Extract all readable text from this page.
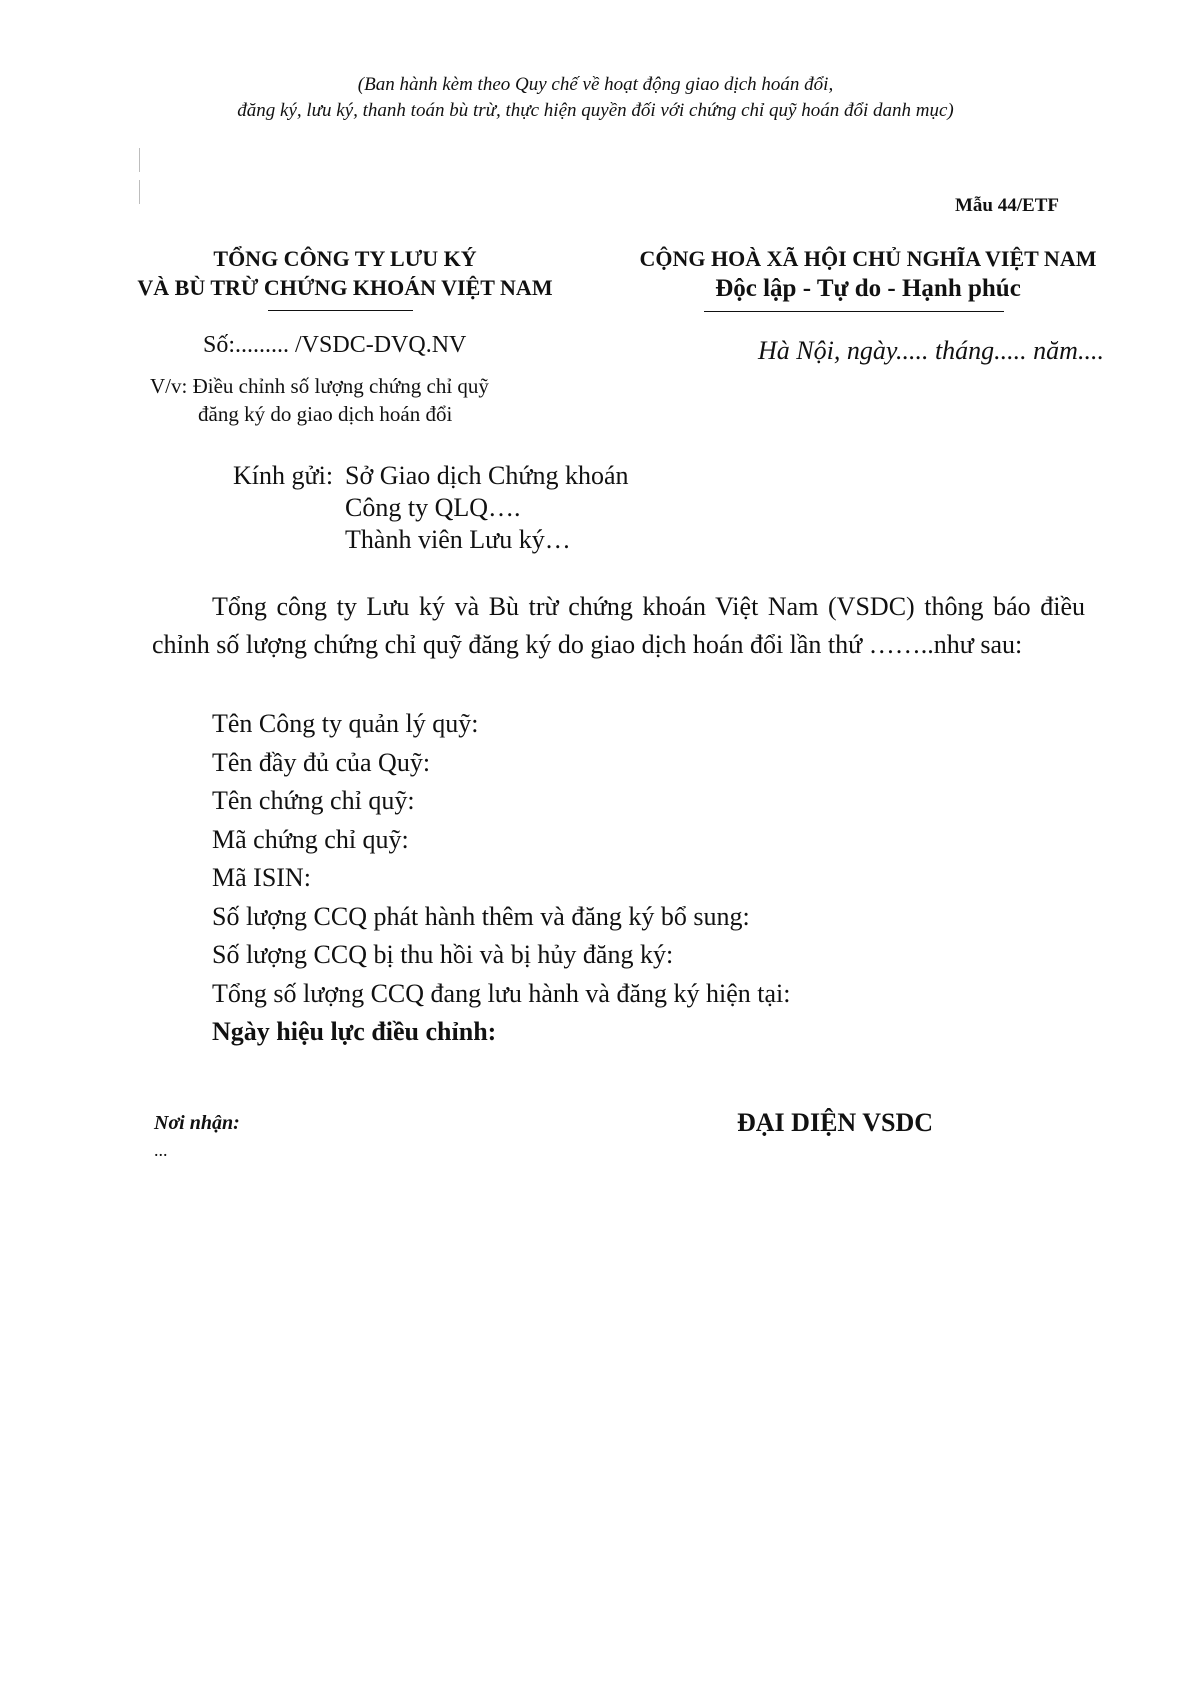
(Ban hành kèm theo Quy chế về hoạt động giao dịch hoán đổi,
đăng ký, lưu ký, thanh toán bù trừ, thực hiện quyền đối với chứng chỉ quỹ hoán đổi danh mục)
Mẫu 44/ETF
TỔNG CÔNG TY LƯU KÝ
VÀ BÙ TRỪ CHỨNG KHOÁN VIỆT NAM
CỘNG HOÀ XÃ HỘI CHỦ NGHĨA VIỆT NAM
Độc lập - Tự do - Hạnh phúc
Số:......... /VSDC-DVQ.NV	Hà Nội, ngày..... tháng..... năm....
V/v: Điều chỉnh số lượng chứng chỉ quỹ
đăng ký do giao dịch hoán đổi
Kính gửi:	Sở Giao dịch Chứng khoán
Công ty QLQ….
Thành viên Lưu ký…
Tổng công ty Lưu ký và Bù trừ chứng khoán Việt Nam (VSDC) thông báo điều chỉnh số lượng chứng chỉ quỹ đăng ký do giao dịch hoán đổi lần thứ ……..như sau:
Tên Công ty quản lý quỹ:
Tên đầy đủ của Quỹ:
Tên chứng chỉ quỹ:
Mã chứng chỉ quỹ:
Mã ISIN:
Số lượng CCQ phát hành thêm và đăng ký bổ sung:
Số lượng CCQ bị thu hồi và bị hủy đăng ký:
Tổng số lượng CCQ đang lưu hành và đăng ký hiện tại:
Ngày hiệu lực điều chỉnh:
Nơi nhận:
...
ĐẠI DIỆN VSDC
